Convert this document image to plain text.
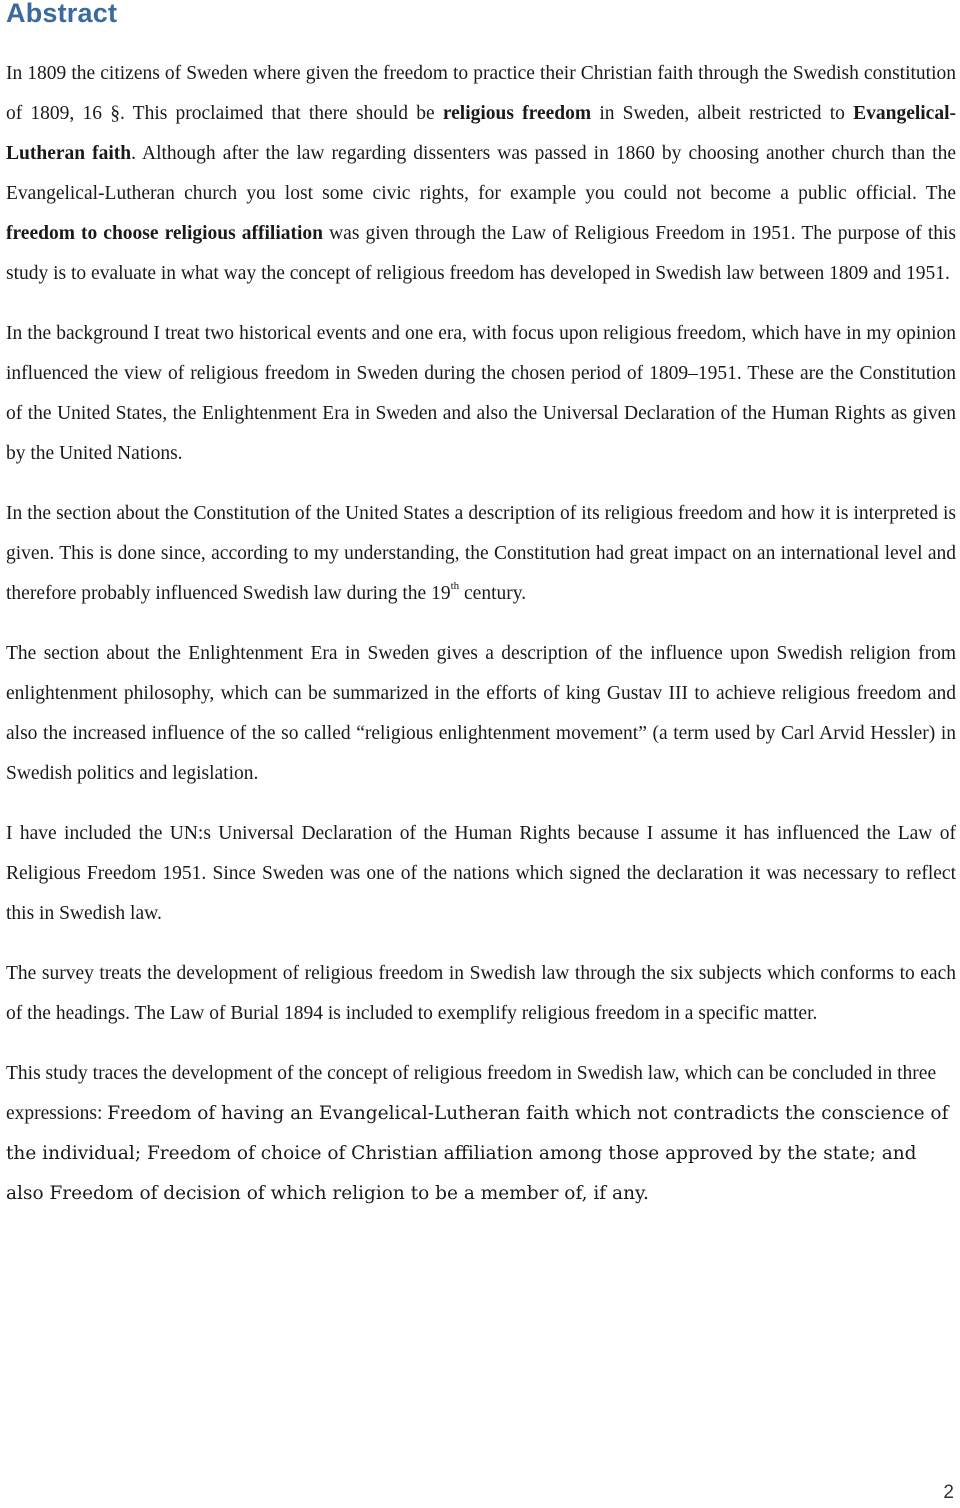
Abstract

In 1809 the citizens of Sweden where given the freedom to practice their Christian faith through the Swedish constitution of 1809, 16 §. This proclaimed that there should be religious freedom in Sweden, albeit restricted to Evangelical-Lutheran faith. Although after the law regarding dissenters was passed in 1860 by choosing another church than the Evangelical-Lutheran church you lost some civic rights, for example you could not become a public official. The freedom to choose religious affiliation was given through the Law of Religious Freedom in 1951. The purpose of this study is to evaluate in what way the concept of religious freedom has developed in Swedish law between 1809 and 1951.

In the background I treat two historical events and one era, with focus upon religious freedom, which have in my opinion influenced the view of religious freedom in Sweden during the chosen period of 1809–1951. These are the Constitution of the United States, the Enlightenment Era in Sweden and also the Universal Declaration of the Human Rights as given by the United Nations.

In the section about the Constitution of the United States a description of its religious freedom and how it is interpreted is given. This is done since, according to my understanding, the Constitution had great impact on an international level and therefore probably influenced Swedish law during the 19th century.

The section about the Enlightenment Era in Sweden gives a description of the influence upon Swedish religion from enlightenment philosophy, which can be summarized in the efforts of king Gustav III to achieve religious freedom and also the increased influence of the so called “religious enlightenment movement” (a term used by Carl Arvid Hessler) in Swedish politics and legislation.

I have included the UN:s Universal Declaration of the Human Rights because I assume it has influenced the Law of Religious Freedom 1951. Since Sweden was one of the nations which signed the declaration it was necessary to reflect this in Swedish law.

The survey treats the development of religious freedom in Swedish law through the six subjects which conforms to each of the headings. The Law of Burial 1894 is included to exemplify religious freedom in a specific matter.

This study traces the development of the concept of religious freedom in Swedish law, which can be concluded in three expressions: Freedom of having an Evangelical-Lutheran faith which not contradicts the conscience of the individual; Freedom of choice of Christian affiliation among those approved by the state; and also Freedom of decision of which religion to be a member of, if any.

2
